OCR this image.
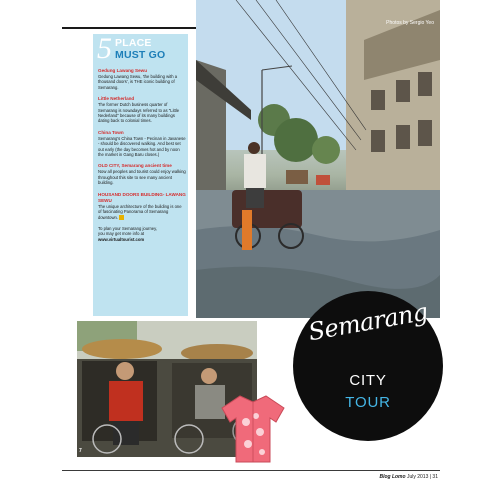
Photos by Sergio Yeo
5 PLACE
MUST GO
Gedung Lawang Sewu
Gedung Lawang Sewu, 'the building with a thousand doors', is THE iconic building of Semarang.
Little Netherland
The former Dutch business quarter of Semarang is nowadays referred to as "Little Nederland" because of its many buildings dating back to colonial times.
China Town
Semarang's China Town - Pecinan in Javanese - should be discovered walking. And best set out early (the day becomes hot and by noon the market in Gang Baru closes.)
OLD CITY, Semarang ancient time
Now all peoples and tourist could enjoy walking throughout this site to see many ancient building.
HOUSAND DOORS BUILDING- LAWANG SEWU
The unique architecture of the building is one of fascinating Panorama of Semarang downtown.
To plan your Semarang journey,
you may get more info at
www.virtualtourist.com
7
Semarang
CITY
TOUR
Blog Lomo July 2013 | 31
